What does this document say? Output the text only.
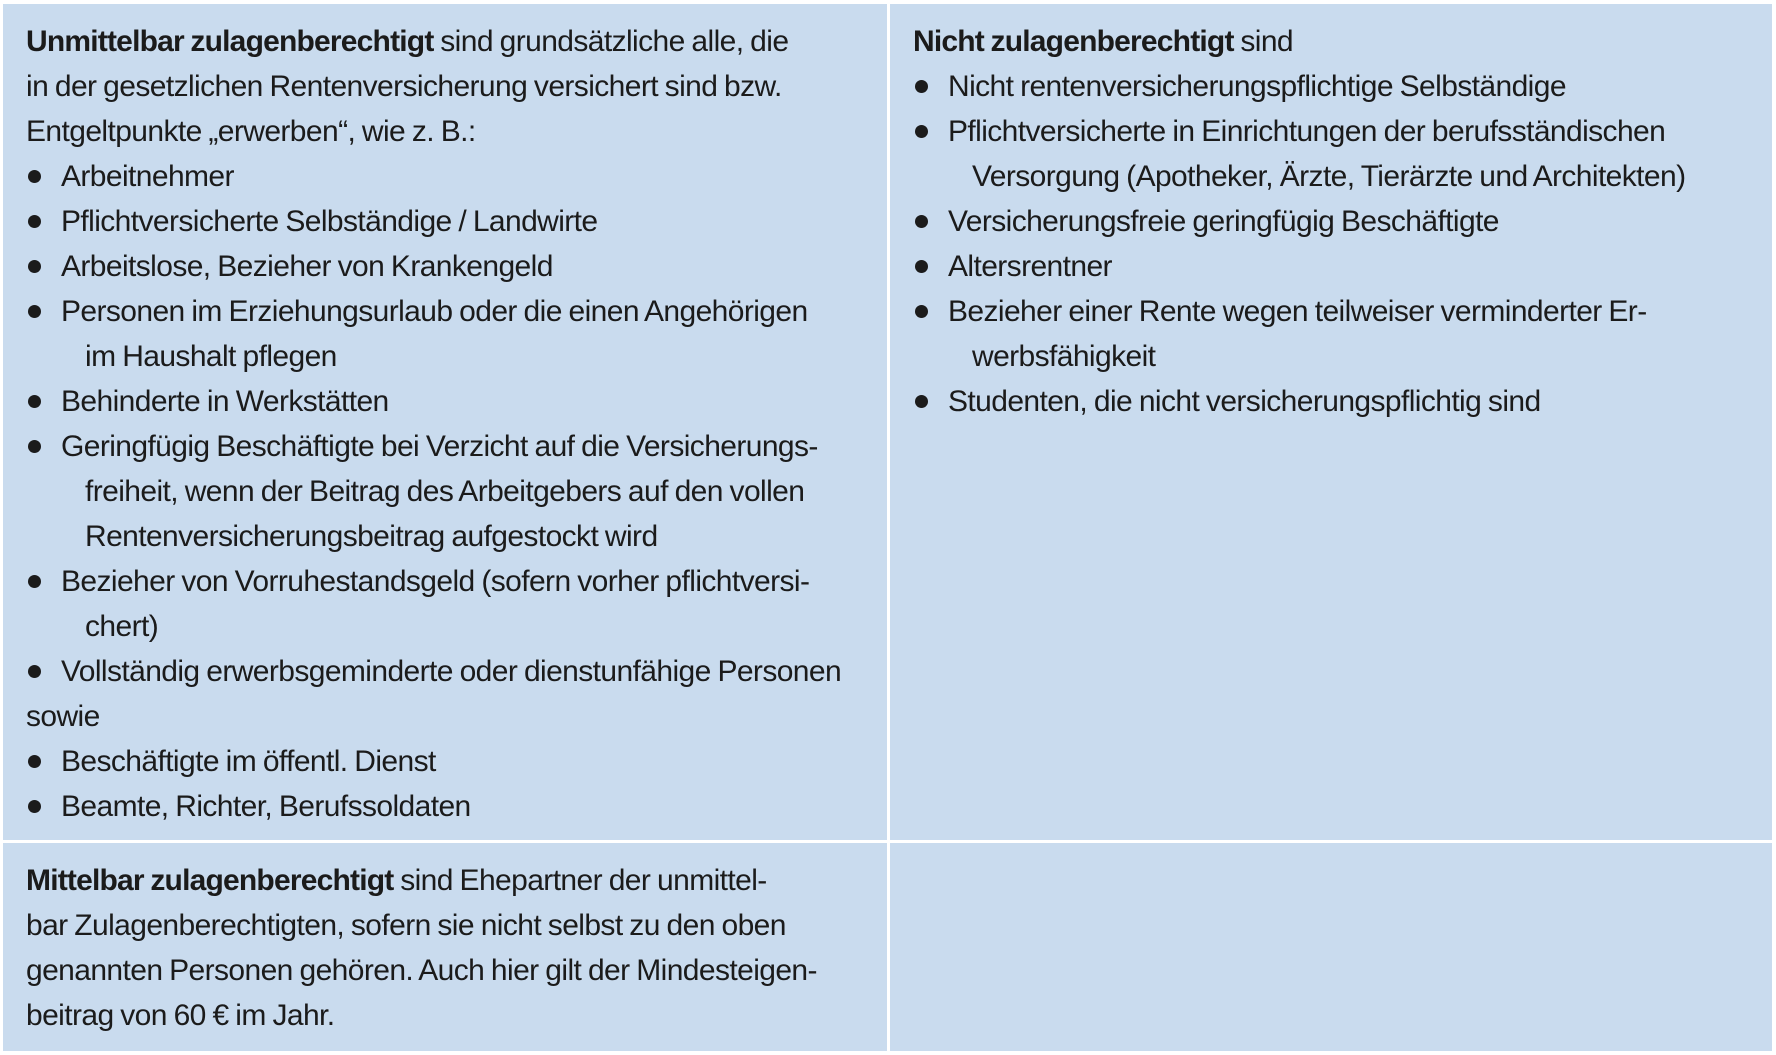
Unmittelbar zulagenberechtigt sind grundsätzliche alle, die
in der gesetzlichen Rentenversicherung versichert sind bzw.
Entgeltpunkte „erwerben“, wie z. B.:
Arbeitnehmer
Pflichtversicherte Selbständige / Landwirte
Arbeitslose, Bezieher von Krankengeld
Personen im Erziehungsurlaub oder die einen Angehörigen
im Haushalt pflegen
Behinderte in Werkstätten
Geringfügig Beschäftigte bei Verzicht auf die Versicherungs-
freiheit, wenn der Beitrag des Arbeitgebers auf den vollen
Rentenversicherungsbeitrag aufgestockt wird
Bezieher von Vorruhestandsgeld (sofern vorher pflichtversi-
chert)
Vollständig erwerbsgeminderte oder dienstunfähige Personen
sowie
Beschäftigte im öffentl. Dienst
Beamte, Richter, Berufssoldaten
Nicht zulagenberechtigt sind
Nicht rentenversicherungspflichtige Selbständige
Pflichtversicherte in Einrichtungen der berufsständischen
Versorgung (Apotheker, Ärzte, Tierärzte und Architekten)
Versicherungsfreie geringfügig Beschäftigte
Altersrentner
Bezieher einer Rente wegen teilweiser verminderter Er-
werbsfähigkeit
Studenten, die nicht versicherungspflichtig sind
Mittelbar zulagenberechtigt sind Ehepartner der unmittel-
bar Zulagenberechtigten, sofern sie nicht selbst zu den oben
genannten Personen gehören. Auch hier gilt der Mindesteigen-
beitrag von 60 € im Jahr.
